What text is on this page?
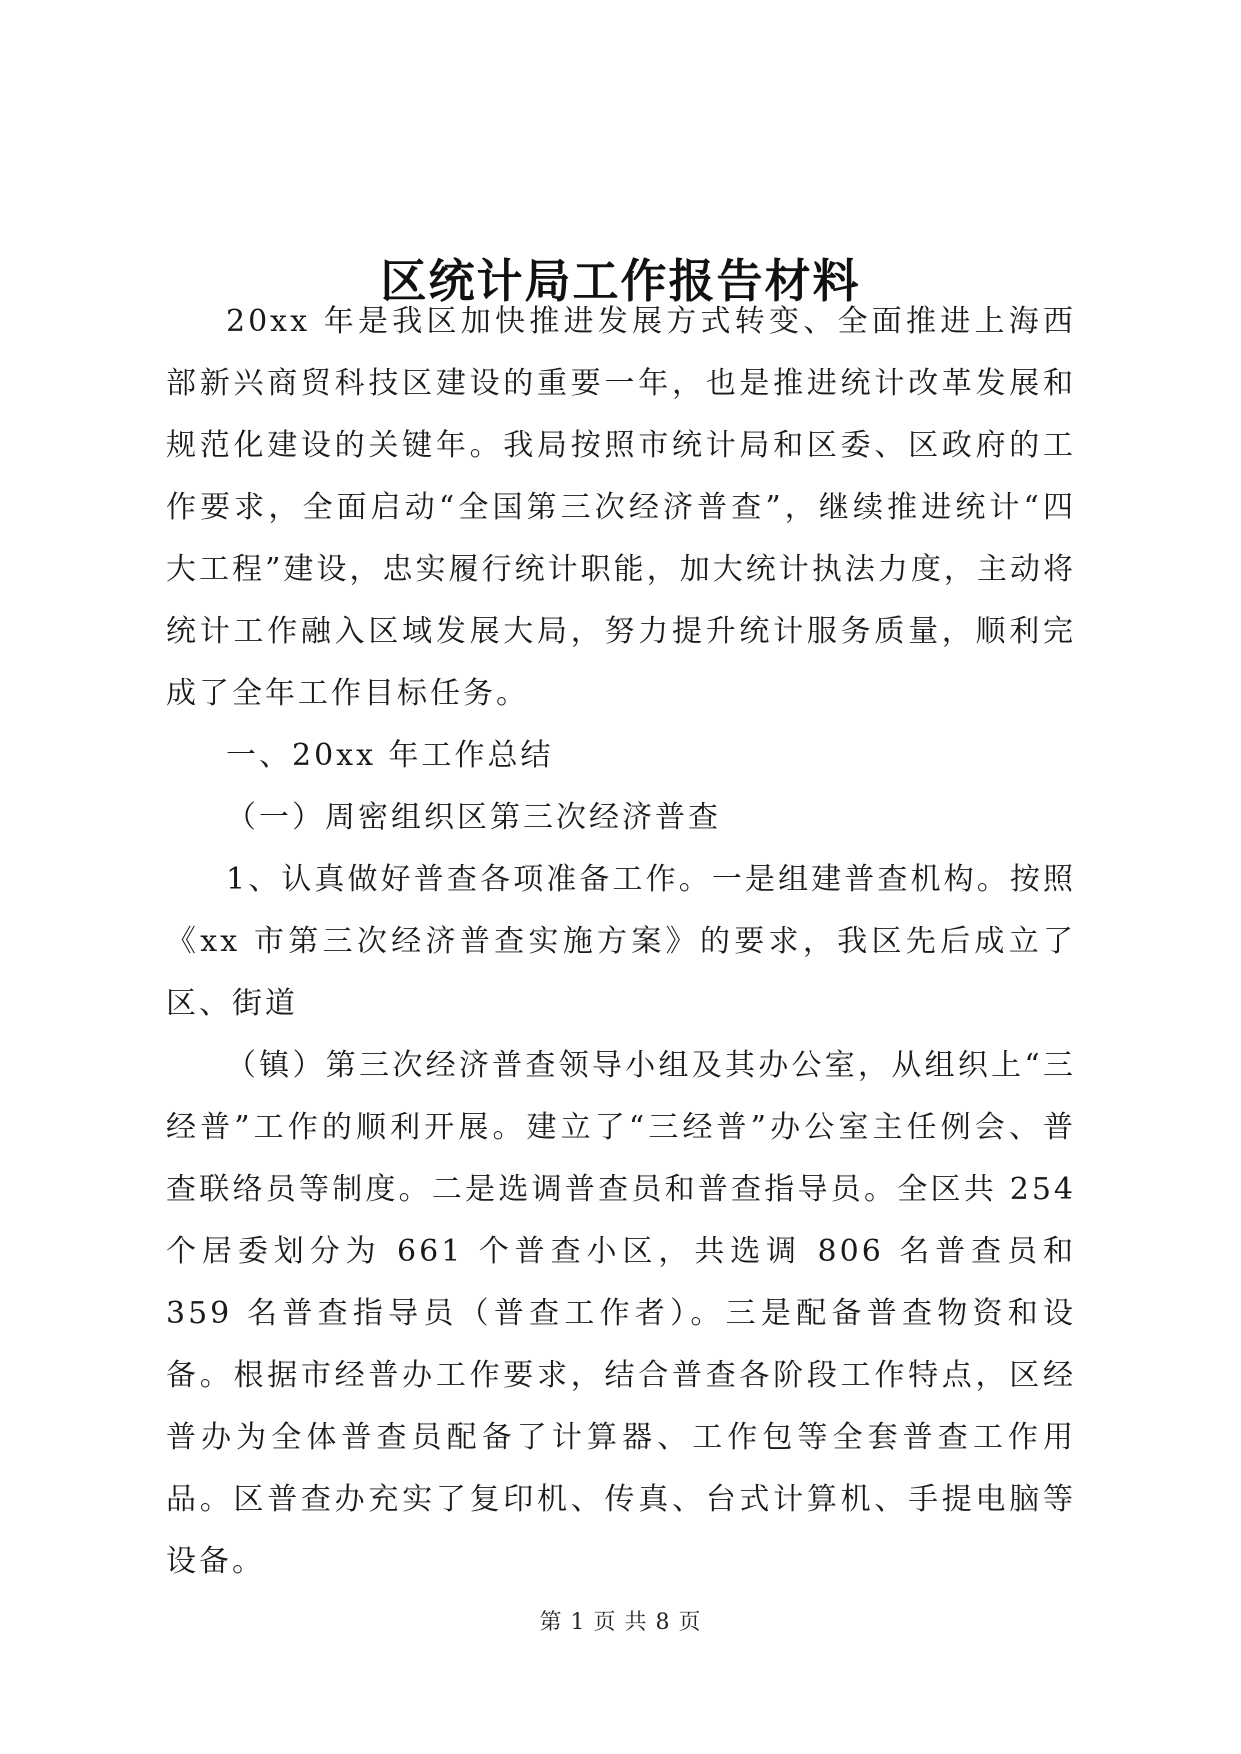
区统计局工作报告材料

20xx 年是我区加快推进发展方式转变、全面推进上海西部新兴商贸科技区建设的重要一年，也是推进统计改革发展和规范化建设的关键年。我局按照市统计局和区委、区政府的工作要求，全面启动“全国第三次经济普查”，继续推进统计“四大工程”建设，忠实履行统计职能，加大统计执法力度，主动将统计工作融入区域发展大局，努力提升统计服务质量，顺利完成了全年工作目标任务。

一、20xx 年工作总结

（一）周密组织区第三次经济普查

1、认真做好普查各项准备工作。一是组建普查机构。按照《xx 市第三次经济普查实施方案》的要求，我区先后成立了区、街道

（镇）第三次经济普查领导小组及其办公室，从组织上“三经普”工作的顺利开展。建立了“三经普”办公室主任例会、普查联络员等制度。二是选调普查员和普查指导员。全区共 254 个居委划分为 661 个普查小区，共选调 806 名普查员和 359 名普查指导员（普查工作者）。三是配备普查物资和设备。根据市经普办工作要求，结合普查各阶段工作特点，区经普办为全体普查员配备了计算器、工作包等全套普查工作用品。区普查办充实了复印机、传真、台式计算机、手提电脑等设备。

第 1 页 共 8 页
